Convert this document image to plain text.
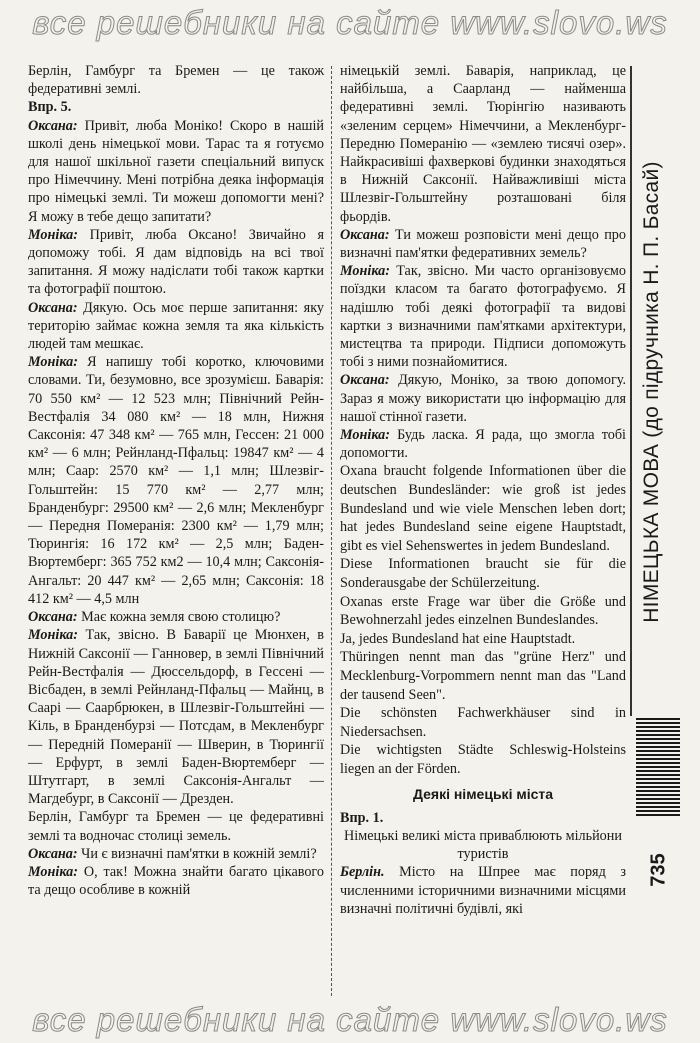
все решебники на сайте www.slovo.ws

Берлін, Гамбург та Бремен — це також федеративні землі.

Впр. 5.

Оксана: Привіт, люба Моніко! Скоро в нашій школі день німецької мови. Тарас та я готуємо для нашої шкільної газети спеціальний випуск про Німеччину. Мені потрібна деяка інформація про німецькі землі. Ти можеш допомогти мені? Я можу в тебе дещо запитати?

Моніка: Привіт, люба Оксано! Звичайно я допоможу тобі. Я дам відповідь на всі твої запитання. Я можу надіслати тобі також картки та фотографії поштою.

Оксана: Дякую. Ось моє перше запитання: яку територію займає кожна земля та яка кількість людей там мешкає.

Моніка: Я напишу тобі коротко, ключовими словами. Ти, безумовно, все зрозумієш. Баварія: 70 550 км² — 12 523 млн; Північний Рейн-Вестфалія 34 080 км² — 18 млн, Нижня Саксонія: 47 348 км² — 765 млн, Гессен: 21 000 км² — 6 млн; Рейнланд-Пфальц: 19847 км² — 4 млн; Саар: 2570 км² — 1,1 млн; Шлезвіг-Гольштейн: 15 770 км² — 2,77 млн; Бранденбург: 29500 км² — 2,6 млн; Мекленбург — Передня Померанія: 2300 км² — 1,79 млн; Тюрингія: 16 172 км² — 2,5 млн; Баден-Вюртемберг: 365 752 км2 — 10,4 млн; Саксонія-Ангальт: 20 447 км² — 2,65 млн; Саксонія: 18 412 км² — 4,5 млн

Оксана: Має кожна земля свою столицю?

Моніка: Так, звісно. В Баварії це Мюнхен, в Нижній Саксонії — Ганновер, в землі Північний Рейн-Вестфалія — Дюссельдорф, в Гессені — Вісбаден, в землі Рейнланд-Пфальц — Майнц, в Саарі — Саарбрюкен, в Шлезвіг-Гольштейні — Кіль, в Бранденбурзі — Потсдам, в Мекленбург — Передній Померанії — Шверин, в Тюрингії — Ерфурт, в землі Баден-Вюртемберг — Штутгарт, в землі Саксонія-Ангальт — Магдебург, в Саксонії — Дрезден.

Берлін, Гамбург та Бремен — це федеративні землі та водночас столиці земель.

Оксана: Чи є визначні пам'ятки в кожній землі?

Моніка: О, так! Можна знайти багато цікавого та дещо особливе в кожній

німецькій землі. Баварія, наприклад, це найбільша, а Саарланд — найменша федеративні землі. Тюрінгію називають «зеленим серцем» Німеччини, а Мекленбург-Передню Померанію — «землею тисячі озер». Найкрасивіші фахверкові будинки знаходяться в Нижній Саксонії. Найважливіші міста Шлезвіг-Гольштейну розташовані біля фьордів.

Оксана: Ти можеш розповісти мені дещо про визначні пам'ятки федеративних земель?

Моніка: Так, звісно. Ми часто організовуємо поїздки класом та багато фотографуємо. Я надішлю тобі деякі фотографії та видові картки з визначними пам'ятками архітектури, мистецтва та природи. Підписи допоможуть тобі з ними познайомитися.

Оксана: Дякую, Моніко, за твою допомогу. Зараз я можу використати цю інформацію для нашої стінної газети.

Моніка: Будь ласка. Я рада, що змогла тобі допомогти.

Oxana braucht folgende Informationen über die deutschen Bundesländer: wie groß ist jedes Bundesland und wie viele Menschen leben dort; hat jedes Bundesland seine eigene Hauptstadt, gibt es viel Sehenswertes in jedem Bundesland.

Diese Informationen braucht sie für die Sonderausgabe der Schülerzeitung.

Oxanas erste Frage war über die Größe und Bewohnerzahl jedes einzelnen Bundeslandes.

Ja, jedes Bundesland hat eine Hauptstadt.

Thüringen nennt man das "grüne Herz" und Mecklenburg-Vorpommern nennt man das "Land der tausend Seen".

Die schönsten Fachwerkhäuser sind in Niedersachsen.

Die wichtigsten Städte Schleswig-Holsteins liegen an der Förden.

Деякі німецькі міста

Впр. 1.

Німецькі великі міста приваблюють мільйони туристів

Берлін. Місто на Шпрее має поряд з численними історичними визначними місцями визначні політичні будівлі, які

НІМЕЦЬКА МОВА (до підручника Н. П. Басай)
735
все решебники на сайте www.slovo.ws
